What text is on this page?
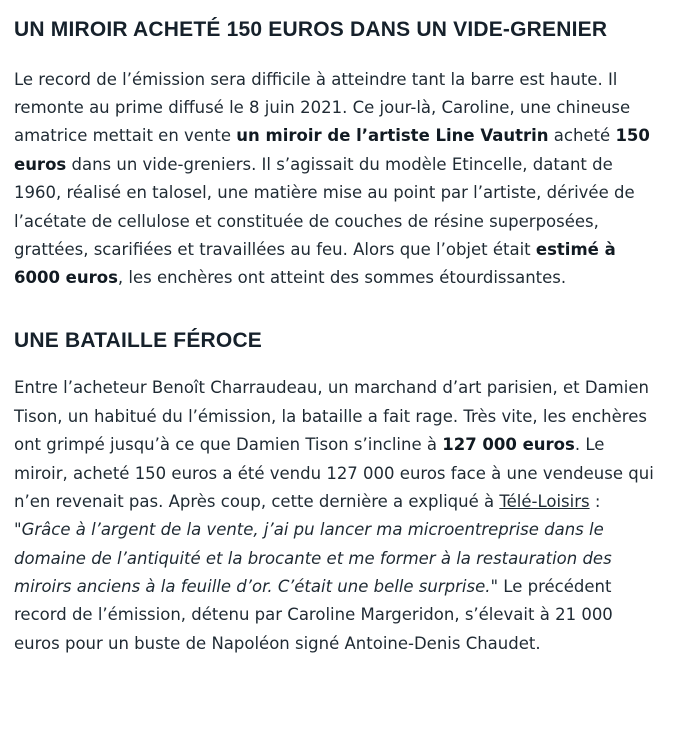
UN MIROIR ACHETÉ 150 EUROS DANS UN VIDE-GRENIER

Le record de l’émission sera difficile à atteindre tant la barre est haute. Il remonte au prime diffusé le 8 juin 2021. Ce jour-là, Caroline, une chineuse amatrice mettait en vente un miroir de l’artiste Line Vautrin acheté 150 euros dans un vide-greniers. Il s’agissait du modèle Etincelle, datant de 1960, réalisé en talosel, une matière mise au point par l’artiste, dérivée de l’acétate de cellulose et constituée de couches de résine superposées, grattées, scarifiées et travaillées au feu. Alors que l’objet était estimé à 6000 euros, les enchères ont atteint des sommes étourdissantes.

UNE BATAILLE FÉROCE

Entre l’acheteur Benoît Charraudeau, un marchand d’art parisien, et Damien Tison, un habitué du l’émission, la bataille a fait rage. Très vite, les enchères ont grimpé jusqu’à ce que Damien Tison s’incline à 127 000 euros. Le miroir, acheté 150 euros a été vendu 127 000 euros face à une vendeuse qui n’en revenait pas. Après coup, cette dernière a expliqué à Télé-Loisirs : "Grâce à l’argent de la vente, j’ai pu lancer ma microentreprise dans le domaine de l’antiquité et la brocante et me former à la restauration des miroirs anciens à la feuille d’or. C’était une belle surprise." Le précédent record de l’émission, détenu par Caroline Margeridon, s’élevait à 21 000 euros pour un buste de Napoléon signé Antoine-Denis Chaudet.
